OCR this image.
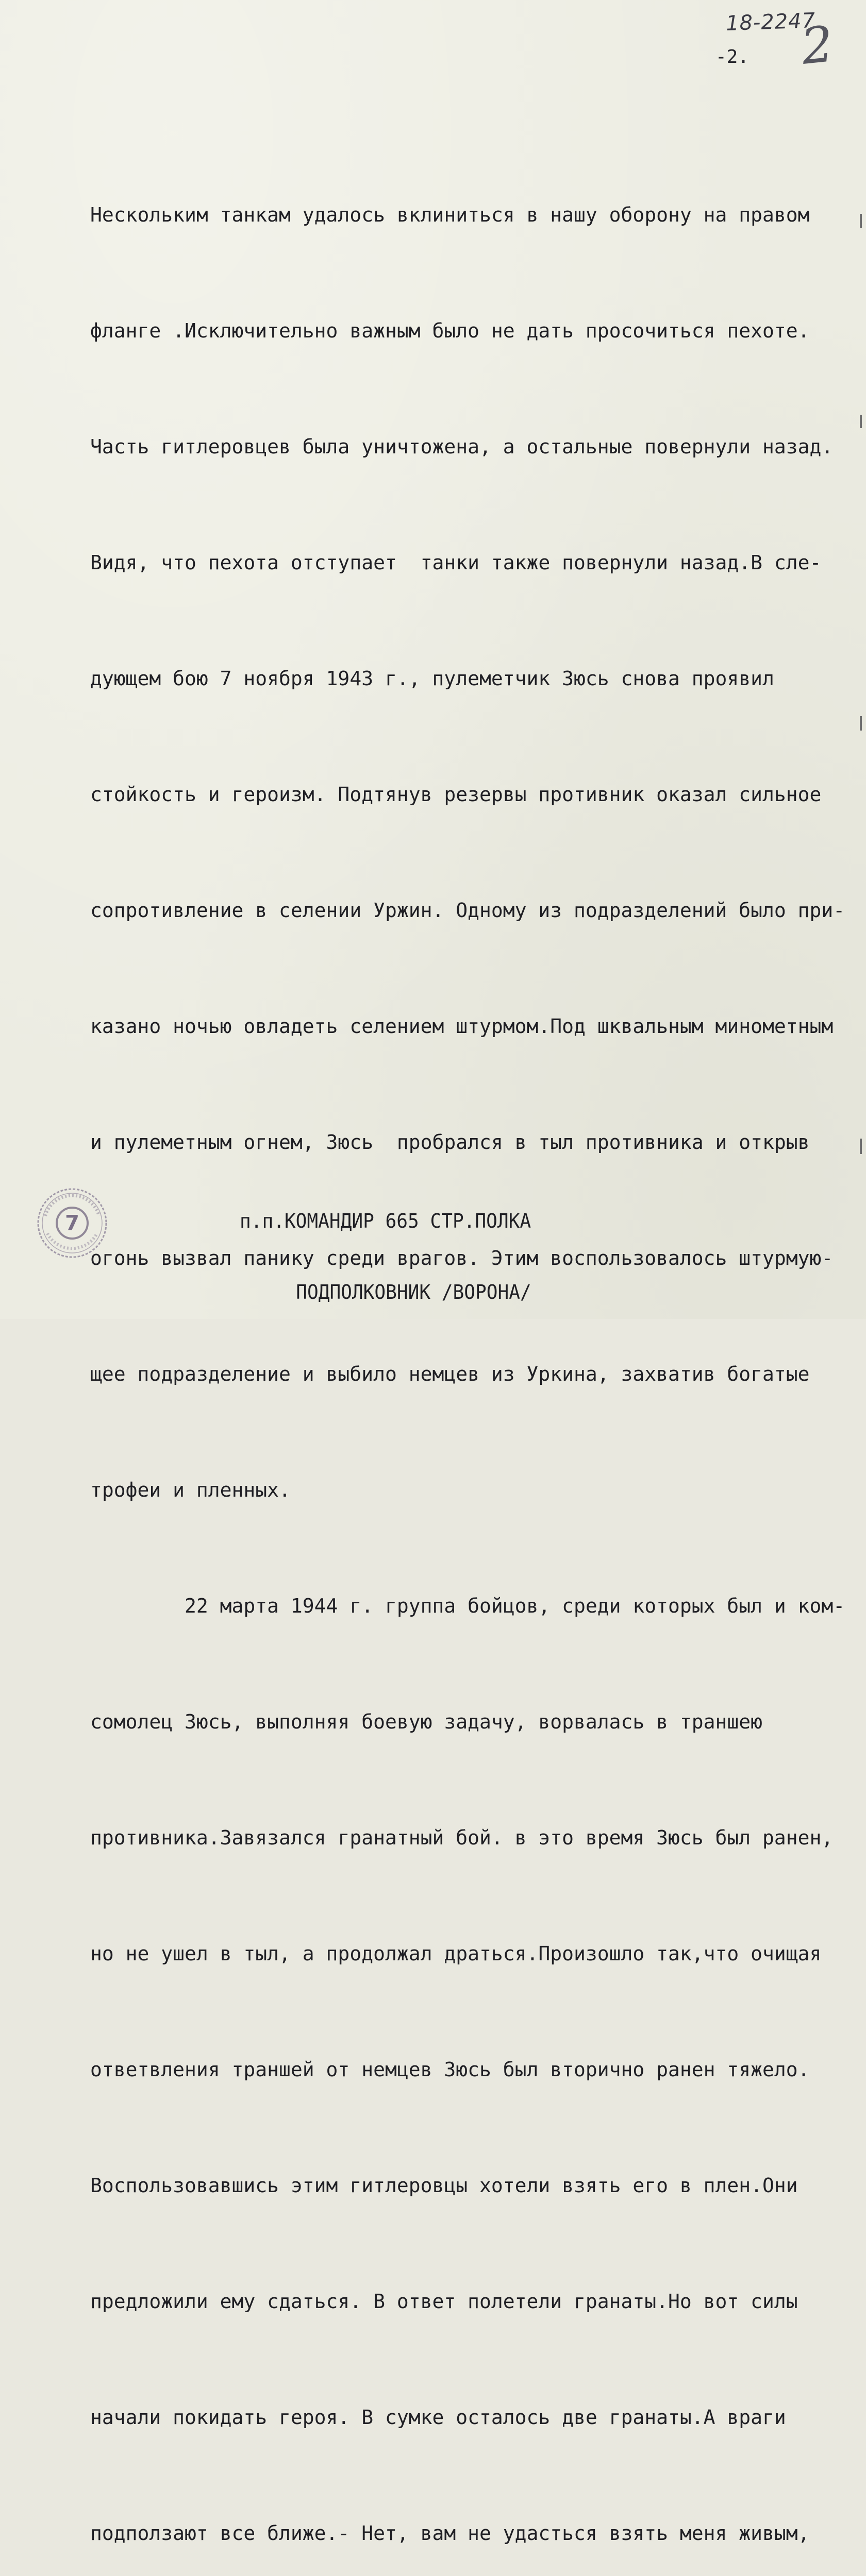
18-2247
2
-2.

Нескольким танкам удалось вклиниться в нашу оборону на правом

фланге .Исключительно важным было не дать просочиться пехоте.

Часть гитлеровцев была уничтожена, а остальные повернули назад.

Видя, что пехота отступает  танки также повернули назад.В сле-

дующем бою 7 ноября 1943 г., пулеметчик Зюсь снова проявил

стойкость и героизм. Подтянув резервы противник оказал сильное

сопротивление в селении Уржин. Одному из подразделений было при-

казано ночью овладеть селением штурмом.Под шквальным минометным

и пулеметным огнем, Зюсь  пробрался в тыл противника и открыв

огонь вызвал панику среди врагов. Этим воспользовалось штурмую-

щее подразделение и выбило немцев из Уркина, захватив богатые

трофеи и пленных.

22 марта 1944 г. группа бойцов, среди которых был и ком-

сомолец Зюсь, выполняя боевую задачу, ворвалась в траншею

противника.Завязался гранатный бой. в это время Зюсь был ранен,

но не ушел в тыл, а продолжал драться.Произошло так,что очищая

ответвления траншей от немцев Зюсь был вторично ранен тяжело.

Воспользовавшись этим гитлеровцы хотели взять его в плен.Они

предложили ему сдаться. В ответ полетели гранаты.Но вот силы

начали покидать героя. В сумке осталось две гранаты.А враги

подползают все ближе.- Нет, вам не удасться взять меня живым,

п.п.КОМАНДИР 665 СТР.ПОЛКА

ПОДПОЛКОВНИК /ВОРОНА/

7
